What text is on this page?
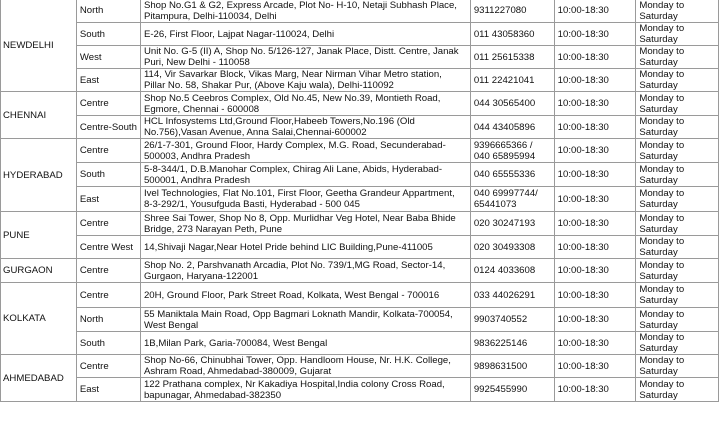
NEWDELHI	North	Shop No.G1 & G2, Express Arcade, Plot No- H-10, Netaji Subhash Place,
Pitampura, Delhi-110034, Delhi	9311227080	10:00-18:30	Monday to
Saturday

	South	E-26, First Floor, Lajpat Nagar-110024, Delhi	011 43058360	10:00-18:30	Monday to
Saturday

	West	Unit No. G-5 (II) A, Shop No. 5/126-127, Janak Place, Distt. Centre, Janak
Puri, New Delhi - 110058	011 25615338	10:00-18:30	Monday to
Saturday

	East	114, Vir Savarkar Block, Vikas Marg, Near Nirman Vihar Metro station,
Pillar No. 58, Shakar Pur, (Above Kaju wala), Delhi-110092	011 22421041	10:00-18:30	Monday to
Saturday

CHENNAI	Centre	Shop No.5 Ceebros Complex, Old No.45, New No.39, Montieth Road,
Egmore, Chennai - 600008	044 30565400	10:00-18:30	Monday to
Saturday

	Centre-South	HCL Infosystems Ltd,Ground Floor,Habeeb Towers,No.196 (Old
No.756),Vasan Avenue, Anna Salai,Chennai-600002	044 43405896	10:00-18:30	Monday to
Saturday

HYDERABAD	Centre	26/1-7-301, Ground Floor, Hardy Complex, M.G. Road, Secunderabad-
500003, Andhra Pradesh	9396665366 /
040 65895994	10:00-18:30	Monday to
Saturday

	South	5-8-344/1, D.B.Manohar Complex, Chirag Ali Lane, Abids, Hyderabad-
500001, Andhra Pradesh	040 65555336	10:00-18:30	Monday to
Saturday

	East	Ivel Technologies, Flat No.101, First Floor, Geetha Grandeur Appartment,
8-3-292/1, Yousufguda Basti, Hyderabad - 500 045	040 69997744/
65441073	10:00-18:30	Monday to
Saturday

PUNE	Centre	Shree Sai Tower, Shop No 8, Opp. Murlidhar Veg Hotel, Near Baba Bhide
Bridge, 273 Narayan Peth, Pune	020 30247193	10:00-18:30	Monday to
Saturday

	Centre West	14,Shivaji Nagar,Near Hotel Pride behind LIC Building,Pune-411005	020 30493308	10:00-18:30	Monday to
Saturday

GURGAON	Centre	Shop No. 2, Parshvanath Arcadia, Plot No. 739/1,MG Road, Sector-14,
Gurgaon, Haryana-122001	0124 4033608	10:00-18:30	Monday to
Saturday

KOLKATA	Centre	20H, Ground Floor, Park Street Road, Kolkata, West Bengal - 700016	033 44026291	10:00-18:30	Monday to
Saturday

	North	55 Maniktala Main Road, Opp Bagmari Loknath Mandir, Kolkata-700054,
West Bengal	9903740552	10:00-18:30	Monday to
Saturday

	South	1B,Milan Park, Garia-700084, West Bengal	9836225146	10:00-18:30	Monday to
Saturday

AHMEDABAD	Centre	Shop No-66, Chinubhai Tower, Opp. Handloom House, Nr. H.K. College,
Ashram Road, Ahmedabad-380009, Gujarat	9898631500	10:00-18:30	Monday to
Saturday

	East	122 Prathana complex, Nr Kakadiya Hospital,India colony Cross Road,
bapunagar, Ahmedabad-382350	9925455990	10:00-18:30	Monday to
Saturday
